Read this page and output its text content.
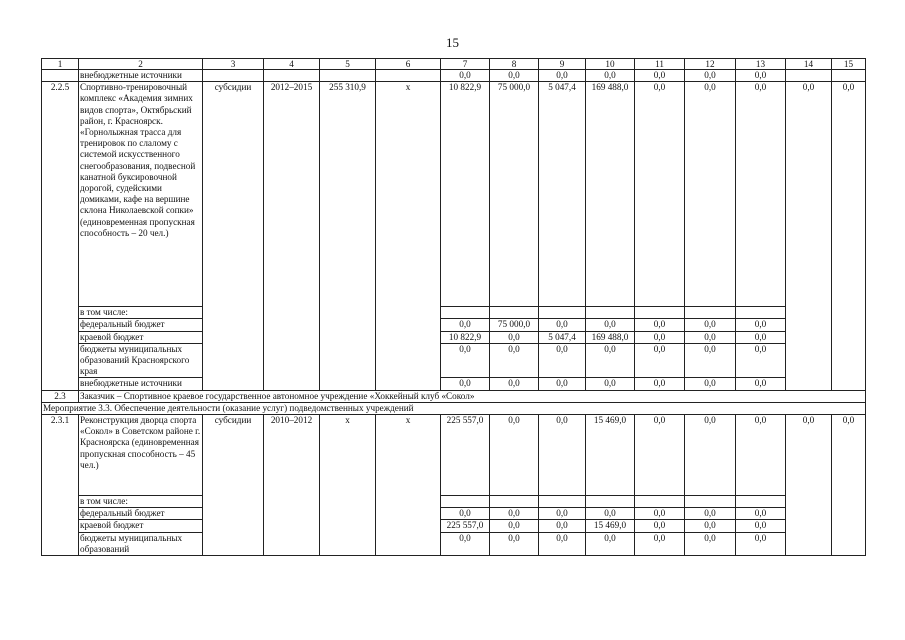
15
1	2	3	4	5	6	7	8	9	10	11	12	13	14	15
	внебюджетные источники					0,0	0,0	0,0	0,0	0,0	0,0	0,0		
2.2.5	Спортивно-тренировочный комплекс «Академия зимних видов спорта», Октябрьский район, г. Красноярск. «Горнолыжная трасса для тренировок по слалому с системой искусственного снегообразования, подвесной канатной буксировочной дорогой, судейскими домиками, кафе на вершине склона Николаевской сопки» (единовременная пропускная способность – 20 чел.)	субсидии	2012–2015	255 310,9	х	10 822,9	75 000,0	5 047,4	169 488,0	0,0	0,0	0,0	0,0	0,0
	в том числе:													
	федеральный бюджет					0,0	75 000,0	0,0	0,0	0,0	0,0	0,0		
	краевой бюджет					10 822,9	0,0	5 047,4	169 488,0	0,0	0,0	0,0		
	бюджеты муниципальных образований Красноярского края					0,0	0,0	0,0	0,0	0,0	0,0	0,0		
	внебюджетные источники					0,0	0,0	0,0	0,0	0,0	0,0	0,0		
2.3	Заказчик – Спортивное краевое государственное автономное учреждение «Хоккейный клуб «Сокол»													
Мероприятие 3.3. Обеспечение деятельности (оказание услуг) подведомственных учреждений														
2.3.1	Реконструкция дворца спорта «Сокол» в Советском районе г. Красноярска (единовременная пропускная способность – 45 чел.)	субсидии	2010–2012	х	х	225 557,0	0,0	0,0	15 469,0	0,0	0,0	0,0	0,0	0,0
	в том числе:													
	федеральный бюджет					0,0	0,0	0,0	0,0	0,0	0,0	0,0		
	краевой бюджет					225 557,0	0,0	0,0	15 469,0	0,0	0,0	0,0		
	бюджеты муниципальных образований					0,0	0,0	0,0	0,0	0,0	0,0	0,0		
